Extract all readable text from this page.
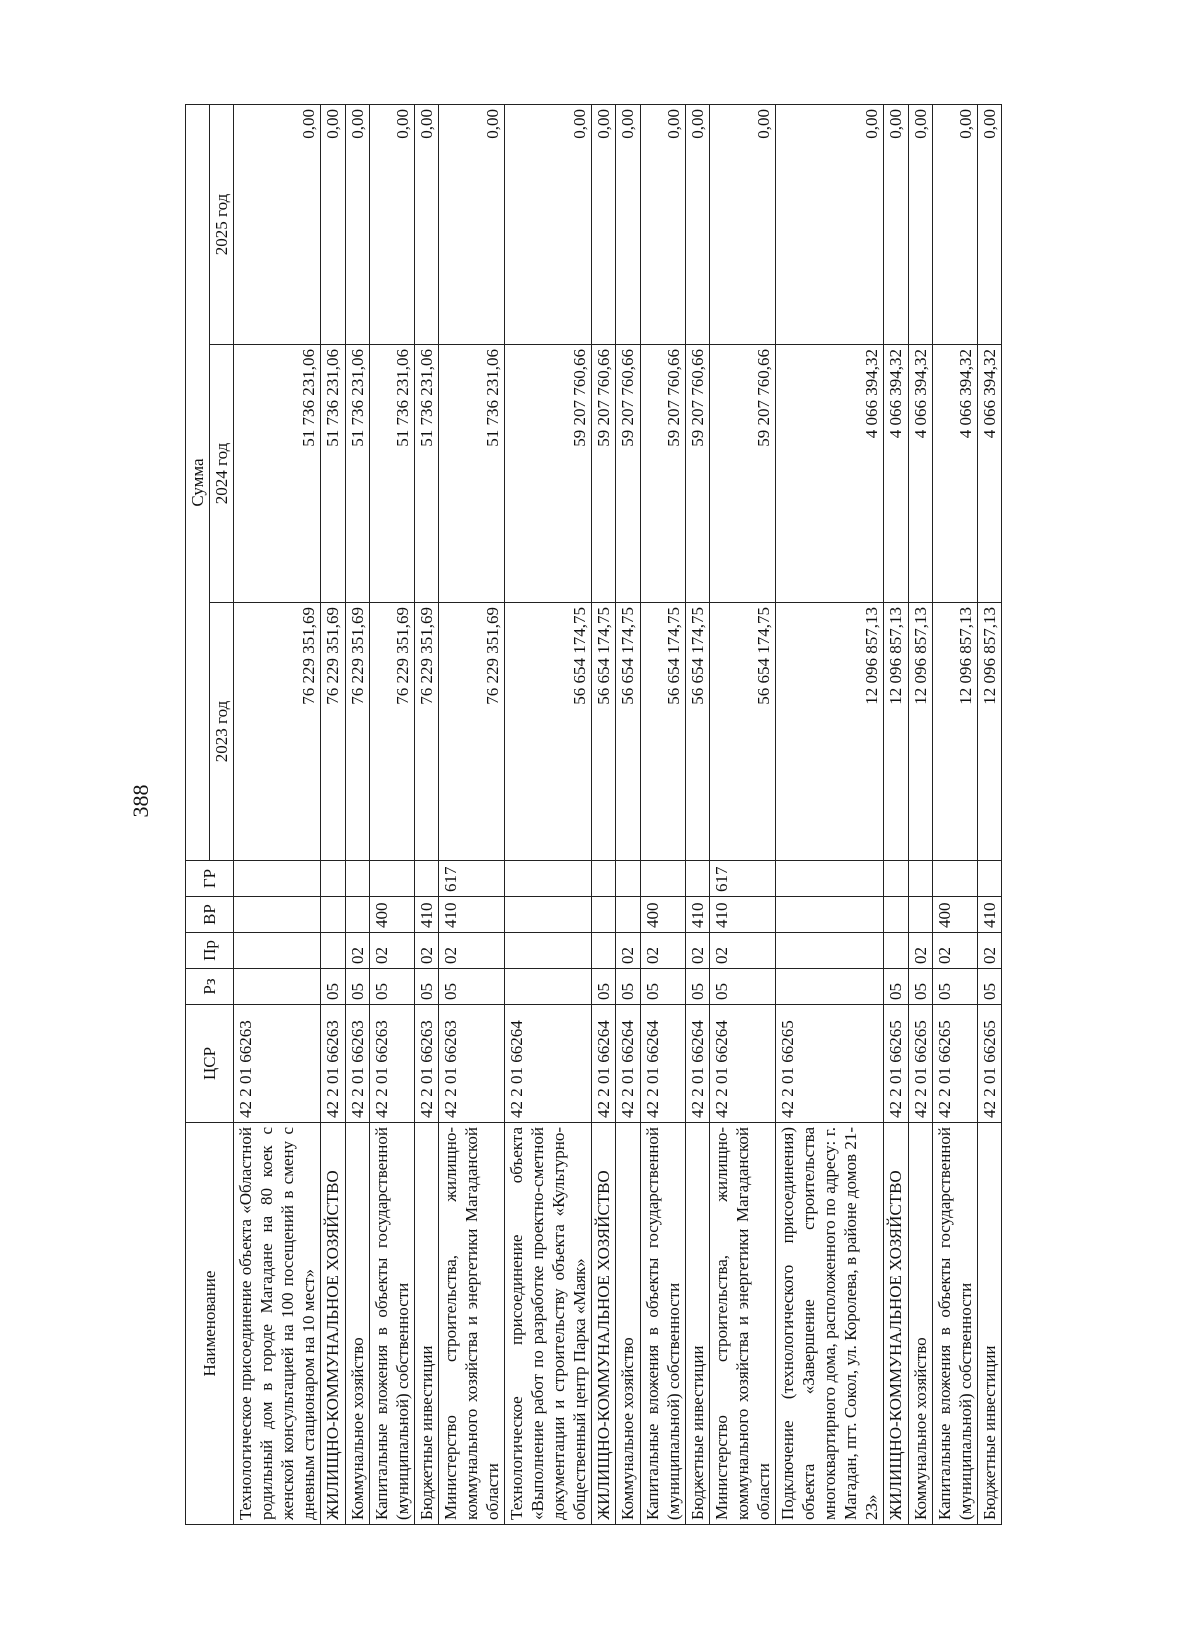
388
Наименование	ЦСР	Рз	Пр	ВР	ГР	Сумма		
						2023 год	2024 год	2025 год
Технологическое присоединение объекта «Областной родильный дом в городе Магадане на 80 коек с женской консультацией на 100 посещений в смену с дневным стационаром на 10 мест»	42 2 01 66263					76 229 351,69	51 736 231,06	0,00
ЖИЛИЩНО-КОММУНАЛЬНОЕ ХОЗЯЙСТВО	42 2 01 66263	05				76 229 351,69	51 736 231,06	0,00
Коммунальное хозяйство	42 2 01 66263	05	02			76 229 351,69	51 736 231,06	0,00
Капитальные вложения в объекты государственной (муниципальной) собственности	42 2 01 66263	05	02	400		76 229 351,69	51 736 231,06	0,00
Бюджетные инвестиции	42 2 01 66263	05	02	410		76 229 351,69	51 736 231,06	0,00
Министерство строительства, жилищно-коммунального хозяйства и энергетики Магаданской области	42 2 01 66263	05	02	410	617	76 229 351,69	51 736 231,06	0,00
Технологическое присоединение объекта «Выполнение работ по разработке проектно-сметной документации и строительству объекта «Культурно-общественный центр Парка «Маяк»	42 2 01 66264					56 654 174,75	59 207 760,66	0,00
ЖИЛИЩНО-КОММУНАЛЬНОЕ ХОЗЯЙСТВО	42 2 01 66264	05				56 654 174,75	59 207 760,66	0,00
Коммунальное хозяйство	42 2 01 66264	05	02			56 654 174,75	59 207 760,66	0,00
Капитальные вложения в объекты государственной (муниципальной) собственности	42 2 01 66264	05	02	400		56 654 174,75	59 207 760,66	0,00
Бюджетные инвестиции	42 2 01 66264	05	02	410		56 654 174,75	59 207 760,66	0,00
Министерство строительства, жилищно-коммунального хозяйства и энергетики Магаданской области	42 2 01 66264	05	02	410	617	56 654 174,75	59 207 760,66	0,00
Подключение (технологического присоединения) объекта «Завершение строительства многоквартирного дома, расположенного по адресу: г. Магадан, пгт. Сокол, ул. Королева, в районе домов 21-23»	42 2 01 66265					12 096 857,13	4 066 394,32	0,00
ЖИЛИЩНО-КОММУНАЛЬНОЕ ХОЗЯЙСТВО	42 2 01 66265	05				12 096 857,13	4 066 394,32	0,00
Коммунальное хозяйство	42 2 01 66265	05	02			12 096 857,13	4 066 394,32	0,00
Капитальные вложения в объекты государственной (муниципальной) собственности	42 2 01 66265	05	02	400		12 096 857,13	4 066 394,32	0,00
Бюджетные инвестиции	42 2 01 66265	05	02	410		12 096 857,13	4 066 394,32	0,00
